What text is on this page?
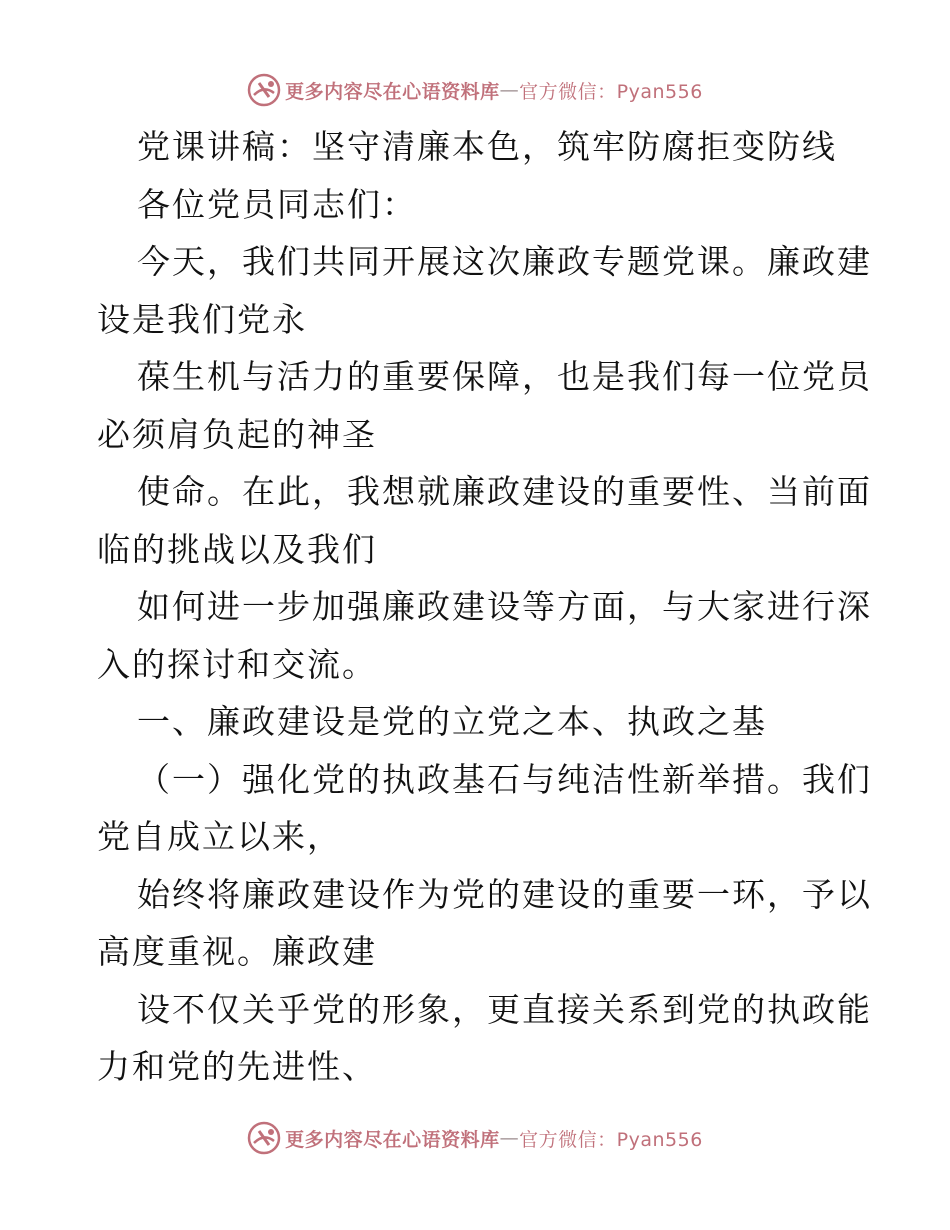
更多内容尽在心语资料库 — 官方微信：Pyan556
党课讲稿：坚守清廉本色，筑牢防腐拒变防线
各位党员同志们：
今天，我们共同开展这次廉政专题党课。廉政建
设是我们党永
葆生机与活力的重要保障，也是我们每一位党员
必须肩负起的神圣
使命。在此，我想就廉政建设的重要性、当前面
临的挑战以及我们
如何进一步加强廉政建设等方面，与大家进行深
入的探讨和交流。
一、廉政建设是党的立党之本、执政之基
（一）强化党的执政基石与纯洁性新举措。我们
党自成立以来，
始终将廉政建设作为党的建设的重要一环，予以
高度重视。廉政建
设不仅关乎党的形象，更直接关系到党的执政能
力和党的先进性、
更多内容尽在心语资料库 — 官方微信：Pyan556
